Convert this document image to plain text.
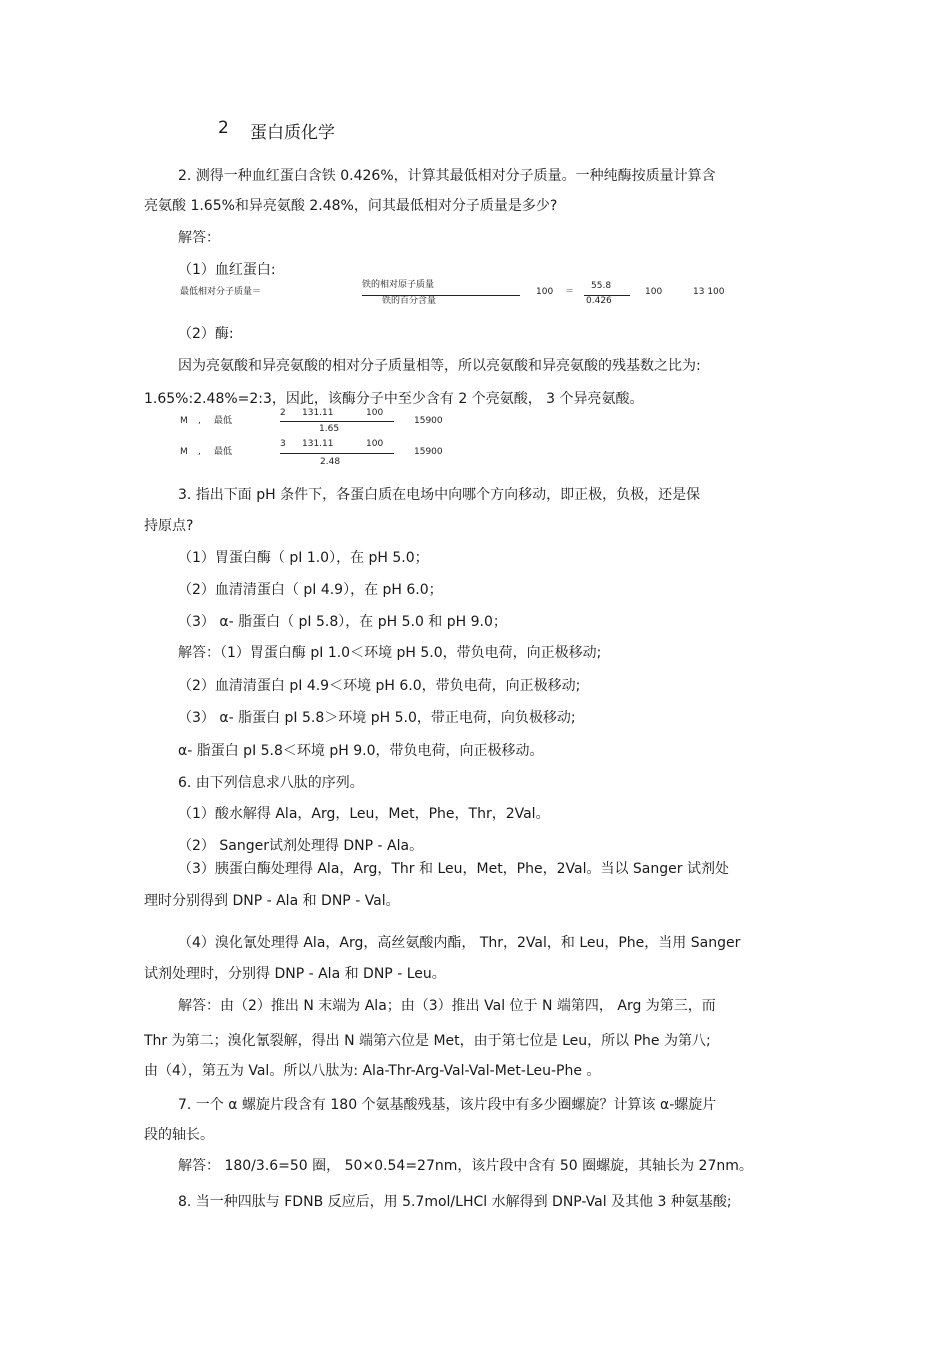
2 蛋白质化学
2. 测得一种血红蛋白含铁 0.426%，计算其最低相对分子质量。一种纯酶按质量计算含
亮氨酸 1.65%和异亮氨酸 2.48%，问其最低相对分子质量是多少?
解答：
（1）血红蛋白:
最低相对分子质量＝
铁的相对原子质量
铁的百分含量
100 ＝
55.8
0.426
100	13 100
（2）酶:
因为亮氨酸和异亮氨酸的相对分子质量相等，所以亮氨酸和异亮氨酸的残基数之比为:
1.65%:2.48%=2:3，因此，该酶分子中至少含有 2 个亮氨酸， 3 个异亮氨酸。
M , 最低
2 131.11	100
1.65
15900
M , 最低
3 131.11	100
2.48
15900
3. 指出下面 pH 条件下，各蛋白质在电场中向哪个方向移动，即正极，负极，还是保
持原点?
（1）胃蛋白酶（ pI 1.0），在 pH 5.0；
（2）血清清蛋白（ pI 4.9），在 pH 6.0；
（3） α- 脂蛋白（ pI 5.8），在 pH 5.0 和 pH 9.0；
解答：（1）胃蛋白酶 pI 1.0＜环境 pH 5.0，带负电荷，向正极移动;
（2）血清清蛋白 pI 4.9＜环境 pH 6.0，带负电荷，向正极移动;
（3） α- 脂蛋白 pI 5.8＞环境 pH 5.0，带正电荷，向负极移动;
α- 脂蛋白 pI 5.8＜环境 pH 9.0，带负电荷，向正极移动。
6. 由下列信息求八肽的序列。
（1）酸水解得 Ala，Arg，Leu，Met，Phe，Thr，2Val。
（2） Sanger试剂处理得 DNP - Ala。
（3）胰蛋白酶处理得 Ala，Arg，Thr 和 Leu，Met，Phe，2Val。当以 Sanger 试剂处
理时分别得到 DNP - Ala 和 DNP - Val。
（4）溴化氰处理得 Ala，Arg，高丝氨酸内酯， Thr，2Val，和 Leu，Phe，当用 Sanger
试剂处理时，分别得 DNP - Ala 和 DNP - Leu。
解答：由（2）推出 N 末端为 Ala；由（3）推出 Val 位于 N 端第四， Arg 为第三，而
Thr 为第二；溴化氰裂解，得出 N 端第六位是 Met，由于第七位是 Leu，所以 Phe 为第八;
由（4），第五为 Val。所以八肽为: Ala-Thr-Arg-Val-Val-Met-Leu-Phe 。
7. 一个 α 螺旋片段含有 180 个氨基酸残基，该片段中有多少圈螺旋？计算该 α-螺旋片
段的轴长。
解答： 180/3.6=50 圈， 50×0.54=27nm，该片段中含有 50 圈螺旋，其轴长为 27nm。
8. 当一种四肽与 FDNB 反应后，用 5.7mol/LHCl 水解得到 DNP-Val 及其他 3 种氨基酸;
